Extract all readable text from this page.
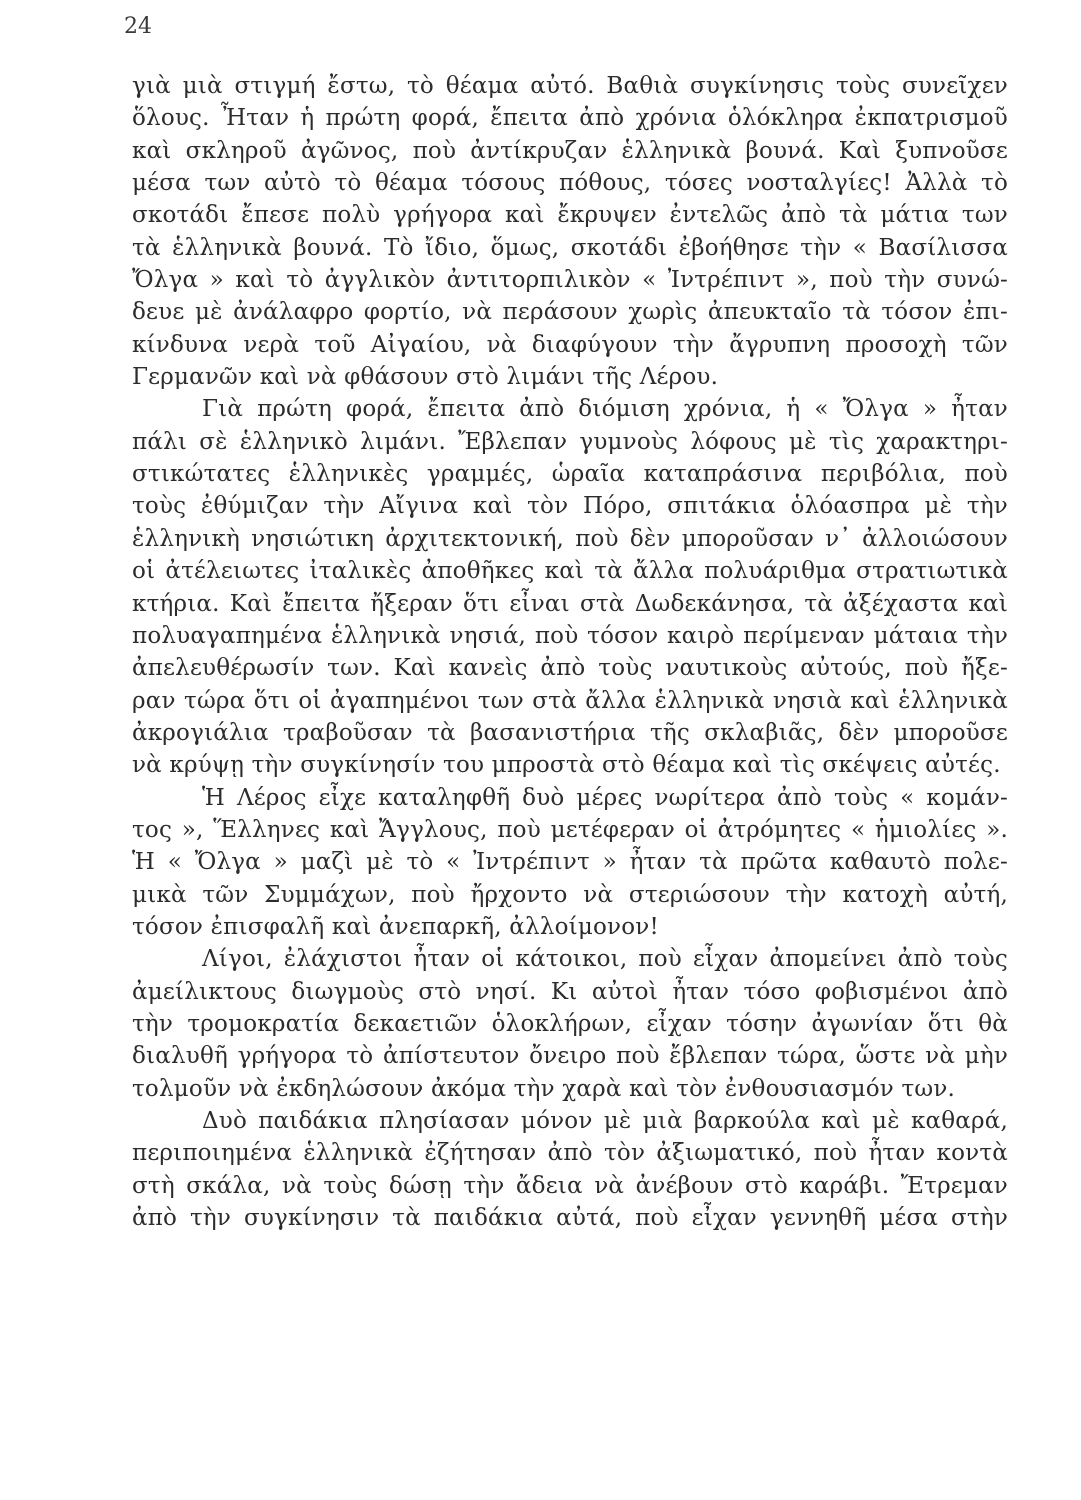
24
γιὰ μιὰ στιγμή ἔστω, τὸ θέαμα αὐτό. Βαθιὰ συγκίνησις τοὺς συνεῖχεν
ὅλους. Ἦταν ἡ πρώτη φορά, ἔπειτα ἀπὸ χρόνια ὁλόκληρα ἐκπατρισμοῦ
καὶ σκληροῦ ἀγῶνος, ποὺ ἀντίκρυζαν ἑλληνικὰ βουνά. Καὶ ξυπνοῦσε
μέσα των αὐτὸ τὸ θέαμα τόσους πόθους, τόσες νοσταλγίες! Ἀλλὰ τὸ
σκοτάδι ἔπεσε πολὺ γρήγορα καὶ ἔκρυψεν ἐντελῶς ἀπὸ τὰ μάτια των
τὰ ἑλληνικὰ βουνά. Τὸ ἴδιο, ὅμως, σκοτάδι ἐβοήθησε τὴν « Βασίλισσα
Ὄλγα » καὶ τὸ ἀγγλικὸν ἀντιτορπιλικὸν « Ἰντρέπιντ », ποὺ τὴν συνώ-
δευε μὲ ἀνάλαφρο φορτίο, νὰ περάσουν χωρὶς ἀπευκταῖο τὰ τόσον ἐπι-
κίνδυνα νερὰ τοῦ Αἰγαίου, νὰ διαφύγουν τὴν ἄγρυπνη προσοχὴ τῶν
Γερμανῶν καὶ νὰ φθάσουν στὸ λιμάνι τῆς Λέρου.
Γιὰ πρώτη φορά, ἔπειτα ἀπὸ διόμιση χρόνια, ἡ « Ὄλγα » ἦταν
πάλι σὲ ἑλληνικὸ λιμάνι. Ἔβλεπαν γυμνοὺς λόφους μὲ τὶς χαρακτηρι-
στικώτατες ἑλληνικὲς γραμμές, ὡραῖα καταπράσινα περιβόλια, ποὺ
τοὺς ἐθύμιζαν τὴν Αἴγινα καὶ τὸν Πόρο, σπιτάκια ὁλόασπρα μὲ τὴν
ἑλληνικὴ νησιώτικη ἀρχιτεκτονική, ποὺ δὲν μποροῦσαν ν᾿ ἀλλοιώσουν
οἱ ἀτέλειωτες ἰταλικὲς ἀποθῆκες καὶ τὰ ἄλλα πολυάριθμα στρατιωτικὰ
κτήρια. Καὶ ἔπειτα ἤξεραν ὅτι εἶναι στὰ Δωδεκάνησα, τὰ ἀξέχαστα καὶ
πολυαγαπημένα ἑλληνικὰ νησιά, ποὺ τόσον καιρὸ περίμεναν μάταια τὴν
ἀπελευθέρωσίν των. Καὶ κανεὶς ἀπὸ τοὺς ναυτικοὺς αὐτούς, ποὺ ἤξε-
ραν τώρα ὅτι οἱ ἀγαπημένοι των στὰ ἄλλα ἑλληνικὰ νησιὰ καὶ ἑλληνικὰ
ἀκρογιάλια τραβοῦσαν τὰ βασανιστήρια τῆς σκλαβιᾶς, δὲν μποροῦσε
νὰ κρύψῃ τὴν συγκίνησίν του μπροστὰ στὸ θέαμα καὶ τὶς σκέψεις αὐτές.
Ἡ Λέρος εἶχε καταληφθῆ δυὸ μέρες νωρίτερα ἀπὸ τοὺς « κομάν-
τος », Ἕλληνες καὶ Ἄγγλους, ποὺ μετέφεραν οἱ ἀτρόμητες « ἡμιολίες ».
Ἡ « Ὄλγα » μαζὶ μὲ τὸ « Ἰντρέπιντ » ἦταν τὰ πρῶτα καθαυτὸ πολε-
μικὰ τῶν Συμμάχων, ποὺ ἤρχοντο νὰ στεριώσουν τὴν κατοχὴ αὐτή,
τόσον ἐπισφαλῆ καὶ ἀνεπαρκῆ, ἀλλοίμονον!
Λίγοι, ἐλάχιστοι ἦταν οἱ κάτοικοι, ποὺ εἶχαν ἀπομείνει ἀπὸ τοὺς
ἀμείλικτους διωγμοὺς στὸ νησί. Κι αὐτοὶ ἦταν τόσο φοβισμένοι ἀπὸ
τὴν τρομοκρατία δεκαετιῶν ὁλοκλήρων, εἶχαν τόσην ἀγωνίαν ὅτι θὰ
διαλυθῆ γρήγορα τὸ ἀπίστευτον ὄνειρο ποὺ ἔβλεπαν τώρα, ὥστε νὰ μὴν
τολμοῦν νὰ ἐκδηλώσουν ἀκόμα τὴν χαρὰ καὶ τὸν ἐνθουσιασμόν των.
Δυὸ παιδάκια πλησίασαν μόνον μὲ μιὰ βαρκούλα καὶ μὲ καθαρά,
περιποιημένα ἑλληνικὰ ἐζήτησαν ἀπὸ τὸν ἀξιωματικό, ποὺ ἦταν κοντὰ
στὴ σκάλα, νὰ τοὺς δώσῃ τὴν ἄδεια νὰ ἀνέβουν στὸ καράβι. Ἔτρεμαν
ἀπὸ τὴν συγκίνησιν τὰ παιδάκια αὐτά, ποὺ εἶχαν γεννηθῆ μέσα στὴν
